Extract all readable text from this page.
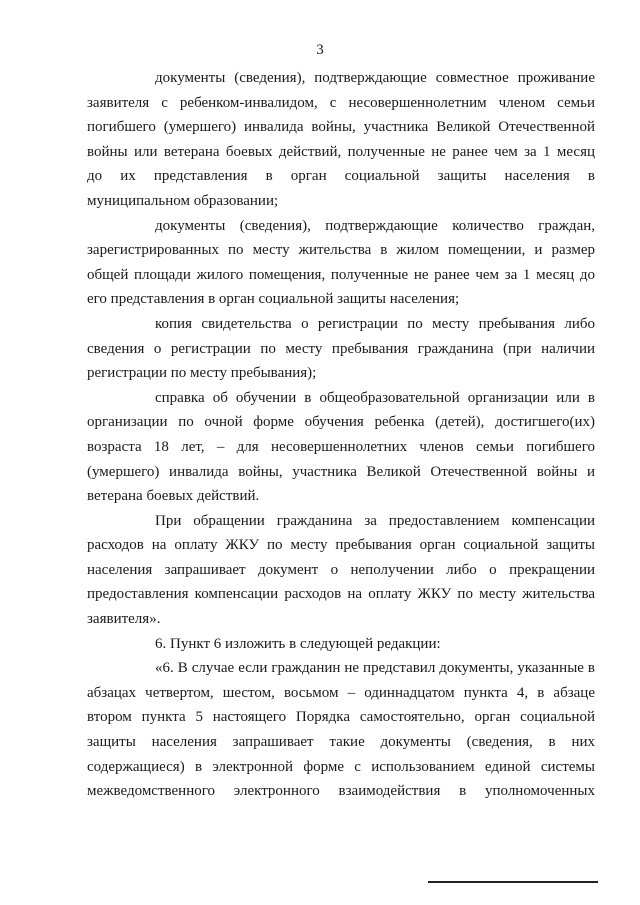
3

документы (сведения), подтверждающие совместное проживание
заявителя с ребенком-инвалидом, с несовершеннолетним членом семьи
погибшего (умершего) инвалида войны, участника Великой Отечественной
войны или ветерана боевых действий, полученные не ранее чем за 1 месяц
до их представления в орган социальной защиты населения в
муниципальном образовании;

документы (сведения), подтверждающие количество граждан,
зарегистрированных по месту жительства в жилом помещении, и размер
общей площади жилого помещения, полученные не ранее чем за 1 месяц до
его представления в орган социальной защиты населения;

копия свидетельства о регистрации по месту пребывания либо
сведения о регистрации по месту пребывания гражданина (при наличии
регистрации по месту пребывания);

справка об обучении в общеобразовательной организации или в
организации по очной форме обучения ребенка (детей), достигшего(их)
возраста 18 лет, – для несовершеннолетних членов семьи погибшего
(умершего) инвалида войны, участника Великой Отечественной войны и
ветерана боевых действий.

При обращении гражданина за предоставлением компенсации
расходов на оплату ЖКУ по месту пребывания орган социальной защиты
населения запрашивает документ о неполучении либо о прекращении
предоставления компенсации расходов на оплату ЖКУ по месту жительства
заявителя».

6. Пункт 6 изложить в следующей редакции:

«6. В случае если гражданин не представил документы, указанные в
абзацах четвертом, шестом, восьмом – одиннадцатом пункта 4, в абзаце
втором пункта 5 настоящего Порядка самостоятельно, орган социальной
защиты населения запрашивает такие документы (сведения, в них
содержащиеся) в электронной форме с использованием единой системы
межведомственного электронного взаимодействия в уполномоченных
